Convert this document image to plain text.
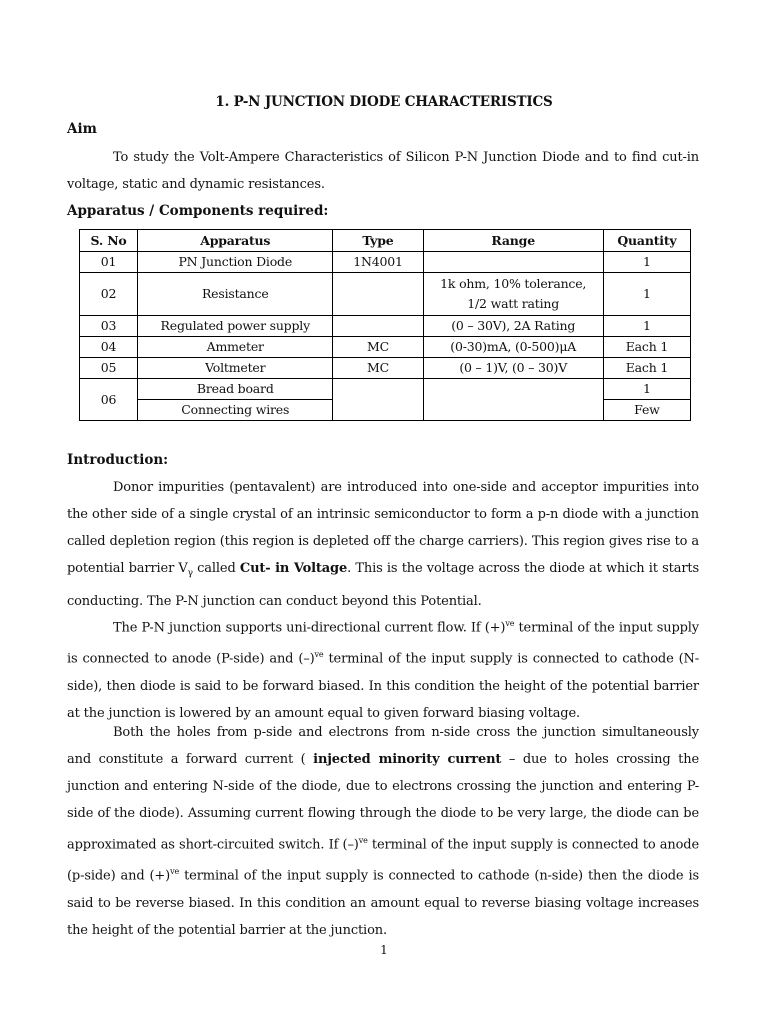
1. P-N JUNCTION DIODE CHARACTERISTICS
Aim
To study the Volt-Ampere Characteristics of Silicon P-N Junction Diode and to find cut-in voltage, static and dynamic resistances.
Apparatus / Components required:
S. No	Apparatus	Type	Range	Quantity
01	PN Junction Diode	1N4001		1
02	Resistance		1k ohm, 10% tolerance,
1/2 watt rating	1
03	Regulated power supply		(0 – 30V), 2A Rating	1
04	Ammeter	MC	(0-30)mA, (0-500)μA	Each 1
05	Voltmeter	MC	(0 – 1)V, (0 – 30)V	Each 1
06	Bread board			1
	Connecting wires			Few
Introduction:
Donor impurities (pentavalent) are introduced into one-side and acceptor impurities into the other side of a single crystal of an intrinsic semiconductor to form a p-n diode with a junction called depletion region (this region is depleted off the charge carriers). This region gives rise to a potential barrier $V_\gamma$ called Cut- in Voltage. This is the voltage across the diode at which it starts conducting. The P-N junction can conduct beyond this Potential.
The P-N junction supports uni-directional current flow. If $(+)^{ve}$ terminal of the input supply is connected to anode (P-side) and $(-)^{ve}$ terminal of the input supply is connected to cathode (N-side), then diode is said to be forward biased. In this condition the height of the potential barrier at the junction is lowered by an amount equal to given forward biasing voltage.
Both the holes from p-side and electrons from n-side cross the junction simultaneously and constitute a forward current ( injected minority current – due to holes crossing the junction and entering N-side of the diode, due to electrons crossing the junction and entering P-side of the diode). Assuming current flowing through the diode to be very large, the diode can be approximated as short-circuited switch. If $(-)^{ve}$ terminal of the input supply is connected to anode (p-side) and $(+)^{ve}$ terminal of the input supply is connected to cathode (n-side) then the diode is said to be reverse biased. In this condition an amount equal to reverse biasing voltage increases the height of the potential barrier at the junction.
1
